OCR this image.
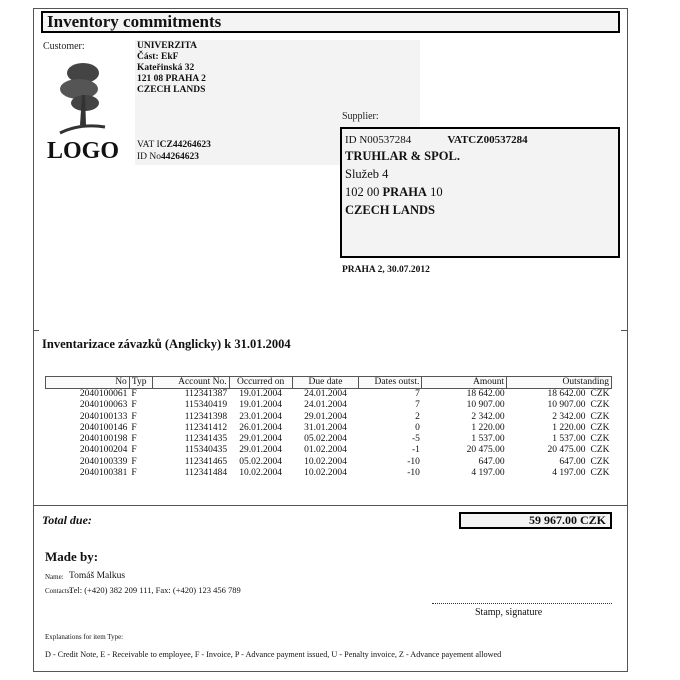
Inventory commitments
Customer:	UNIVERZITA
Část: EkF
Kateřinská 32
121 08 PRAHA 2
CZECH LANDS
VAT ICZ44264623
ID No44264623
LOGO
Supplier:
ID N00537284	VATCZ00537284
TRUHLAR & SPOL.
Služeb 4
102 00 PRAHA 10
CZECH LANDS
PRAHA 2, 30.07.2012
Inventarizace závazků (Anglicky) k 31.01.2004
No	Typ	Account No.	Occurred on	Due date	Dates outst.	Amount	Outstanding
2040100061	F	112341387	19.01.2004	24.01.2004	7	18 642.00	18 642.00 CZK
2040100063	F	115340419	19.01.2004	24.01.2004	7	10 907.00	10 907.00 CZK
2040100133	F	112341398	23.01.2004	29.01.2004	2	2 342.00	2 342.00 CZK
2040100146	F	112341412	26.01.2004	31.01.2004	0	1 220.00	1 220.00 CZK
2040100198	F	112341435	29.01.2004	05.02.2004	-5	1 537.00	1 537.00 CZK
2040100204	F	115340435	29.01.2004	01.02.2004	-1	20 475.00	20 475.00 CZK
2040100339	F	112341465	05.02.2004	10.02.2004	-10	647.00	647.00 CZK
2040100381	F	112341484	10.02.2004	10.02.2004	-10	4 197.00	4 197.00 CZK
Total due:	59 967.00 CZK
Made by:
Name: Tomáš Malkus
Contacts:
Tel: (+420) 382 209 111, Fax: (+420) 123 456 789
Stamp, signature
Explanations for item Type:
D - Credit Note, E - Receivable to employee, F - Invoice, P - Advance payment issued, U - Penalty invoice, Z - Advance payement allowed
